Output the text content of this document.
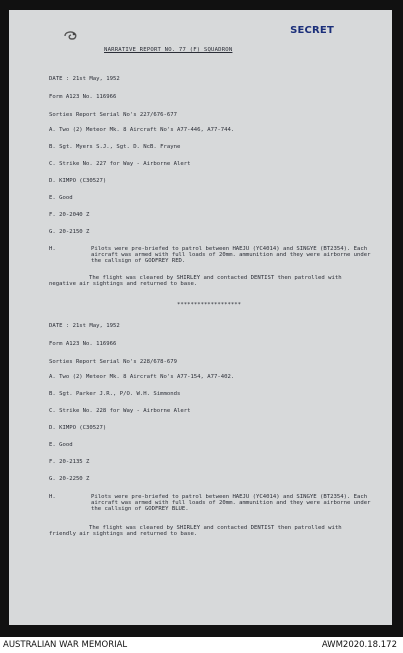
SECRET
NARRATIVE REPORT NO. 77 (F) SQUADRON
DATE : 21st May, 1952
Form A123 No. 116966
Sorties Report Serial No's 227/676-677
A. Two (2) Meteor Mk. 8 Aircraft No's A77-446, A77-744.
B. Sgt. Myers S.J., Sgt. D. NcB. Frayne
C. Strike No. 227 for Way - Airborne Alert
D. KIMPO (C30527)
E. Good
F. 20-2040 Z
G. 20-2150 Z
H.	Pilots were pre-briefed to patrol between HAEJU (YC4014) and SINGYE (BT2354). Each aircraft was armed with full loads of 20mm. ammunition and they were airborne under the callsign of GODFREY RED.
The flight was cleared by SHIRLEY and contacted DENTIST then patrolled with negative air sightings and returned to base.
*******************
DATE : 21st May, 1952
Form A123 No. 116966
Sorties Report Serial No's 228/678-679
A. Two (2) Meteor Mk. 8 Aircraft No's A77-154, A77-402.
B. Sgt. Parker J.R., P/O. W.H. Simmonds
C. Strike No. 228 for Way - Airborne Alert
D. KIMPO (C30527)
E. Good
F. 20-2135 Z
G. 20-2250 Z
H.	Pilots were pre-briefed to patrol between HAEJU (YC4014) and SINGYE (BT2354). Each aircraft was armed with full loads of 20mm. ammunition and they were airborne under the callsign of GODFREY BLUE.
The flight was cleared by SHIRLEY and contacted DENTIST then patrolled with friendly air sightings and returned to base.
AUSTRALIAN WAR MEMORIAL	AWM2020.18.172
